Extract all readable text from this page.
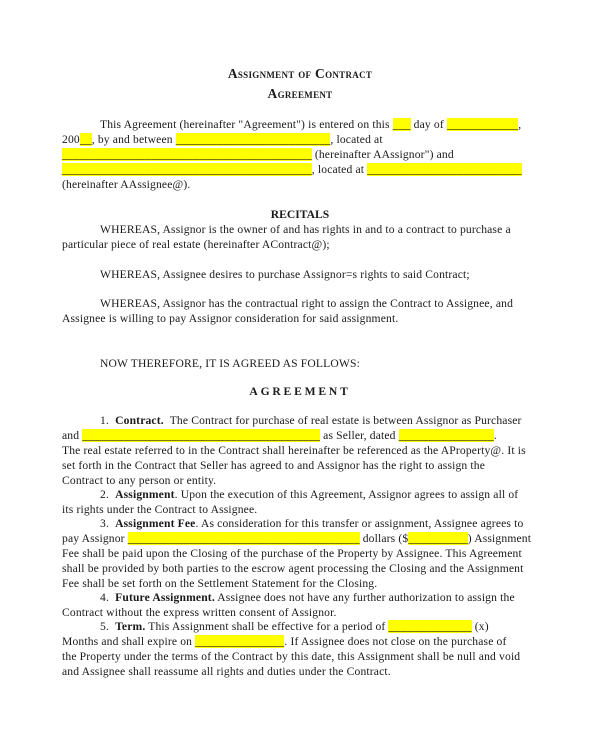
Assignment of Contract
Agreement
This Agreement (hereinafter "Agreement") is entered on this ___ day of ____________,
200__, by and between __________________________, located at
__________________________________________ (hereinafter AAssignor") and
__________________________________________, located at __________________________
(hereinafter AAssignee@).
RECITALS
WHEREAS, Assignor is the owner of and has rights in and to a contract to purchase a
particular piece of real estate (hereinafter AContract@);
WHEREAS, Assignee desires to purchase Assignor=s rights to said Contract;
WHEREAS, Assignor has the contractual right to assign the Contract to Assignee, and
Assignee is willing to pay Assignor consideration for said assignment.
NOW THEREFORE, IT IS AGREED AS FOLLOWS:
AGREEMENT
1. Contract. The Contract for purchase of real estate is between Assignor as Purchaser
and ________________________________________ as Seller, dated ________________.
The real estate referred to in the Contract shall hereinafter be referenced as the AProperty@. It is
set forth in the Contract that Seller has agreed to and Assignor has the right to assign the
Contract to any person or entity.
2. Assignment. Upon the execution of this Agreement, Assignor agrees to assign all of
its rights under the Contract to Assignee.
3. Assignment Fee. As consideration for this transfer or assignment, Assignee agrees to
pay Assignor _______________________________________ dollars ($__________) Assignment
Fee shall be paid upon the Closing of the purchase of the Property by Assignee. This Agreement
shall be provided by both parties to the escrow agent processing the Closing and the Assignment
Fee shall be set forth on the Settlement Statement for the Closing.
4. Future Assignment. Assignee does not have any further authorization to assign the
Contract without the express written consent of Assignor.
5. Term. This Assignment shall be effective for a period of ______________ (x)
Months and shall expire on _______________. If Assignee does not close on the purchase of
the Property under the terms of the Contract by this date, this Assignment shall be null and void
and Assignee shall reassume all rights and duties under the Contract.
